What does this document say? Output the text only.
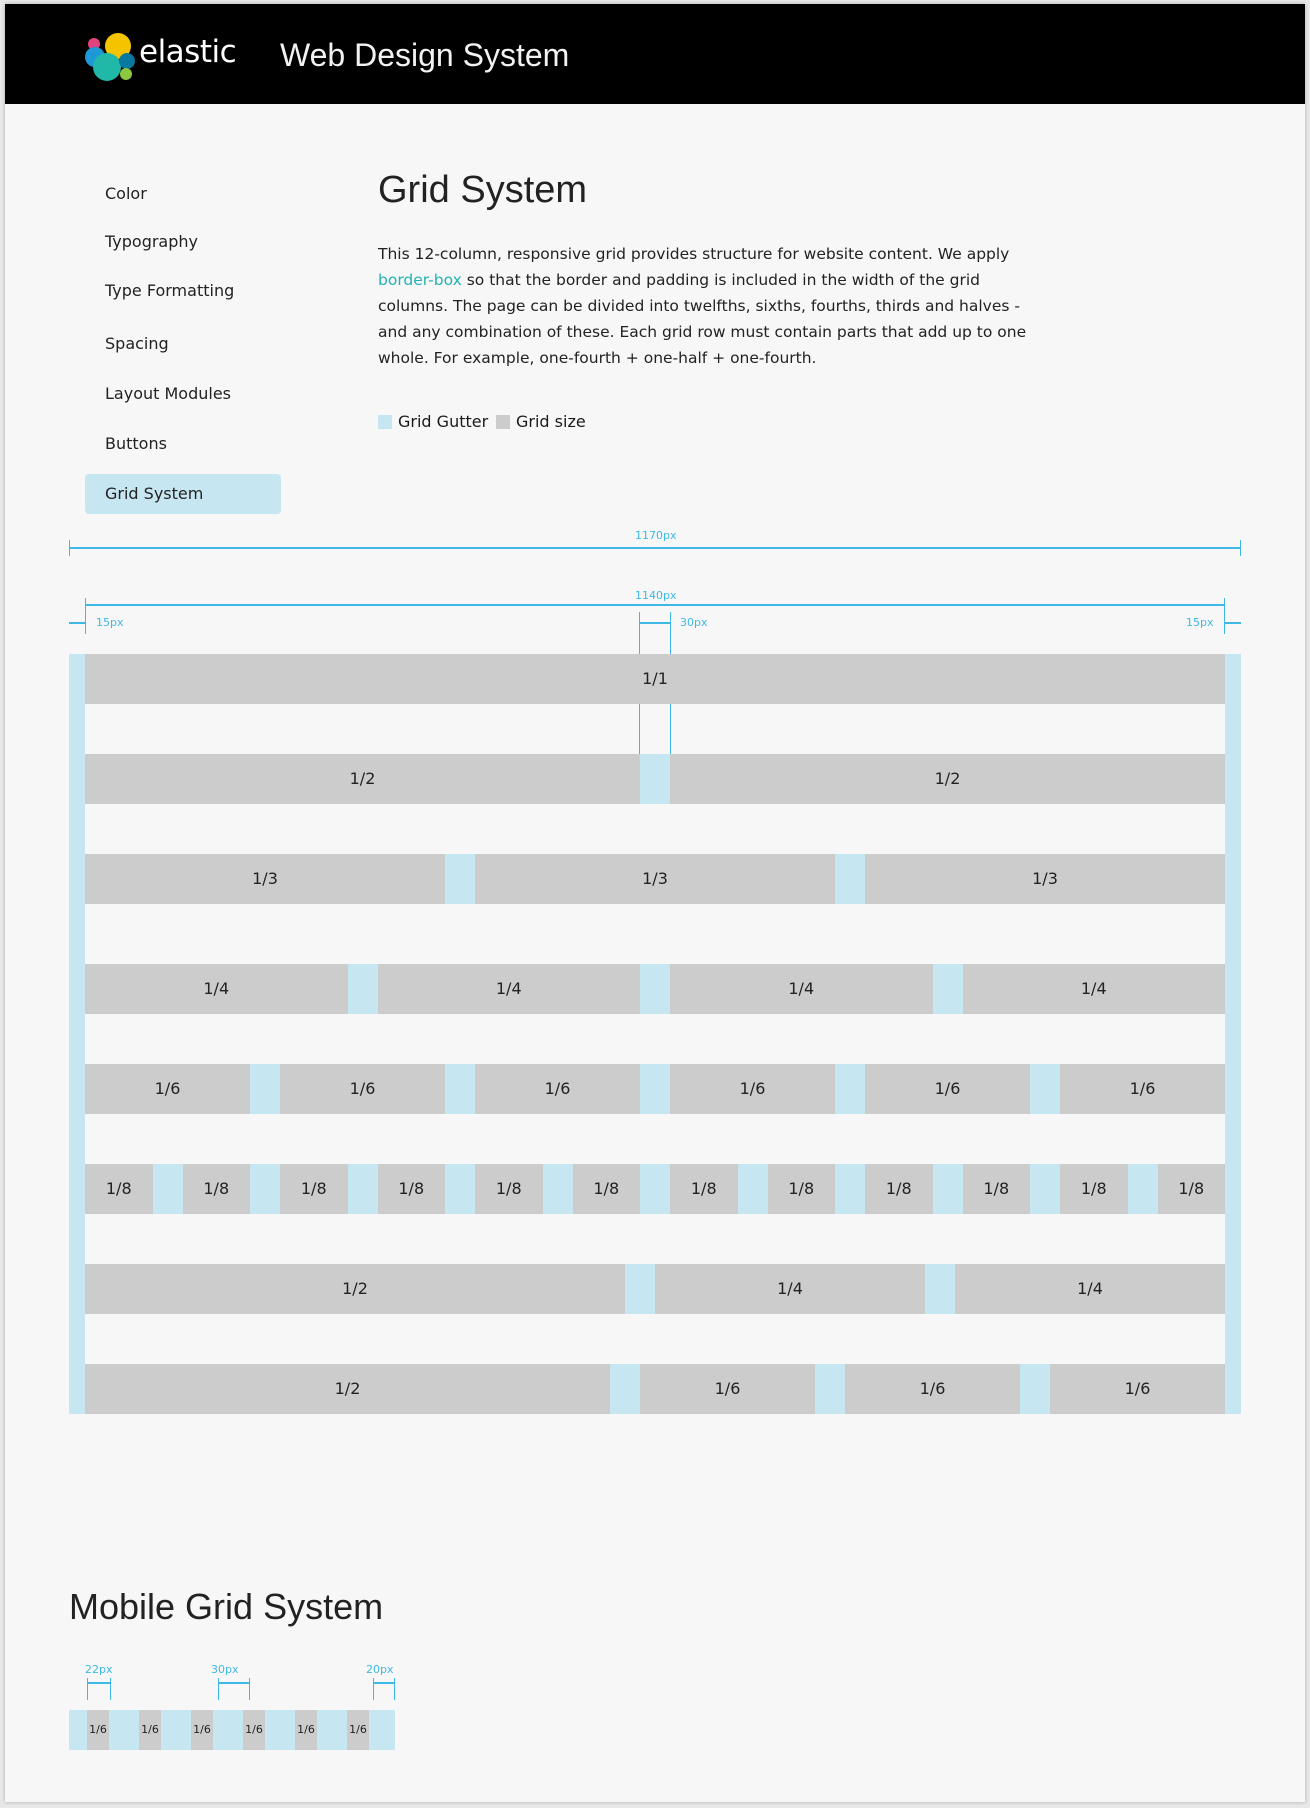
elastic Web Design System
Color
Typography
Type Formatting
Spacing
Layout Modules
Buttons
Grid System
Grid System

This 12-column, responsive grid provides structure for website content. We apply border-box so that the border and padding is included in the width of the grid columns. The page can be divided into twelfths, sixths, fourths, thirds and halves - and any combination of these. Each grid row must contain parts that add up to one whole. For example, one-fourth + one-half + one-fourth.

Grid Gutter	Grid size
1170px
1140px
15px	15px
30px
1/1
1/2	1/2
1/3	1/3	1/3
1/4	1/4	1/4	1/4
1/6	1/6	1/6	1/6	1/6	1/6
1/8	1/8	1/8	1/8	1/8	1/8	1/8	1/8	1/8	1/8	1/8	1/8
1/2	1/4	1/4
1/2	1/6	1/6	1/6
Mobile Grid System
22px	30px	20px
1/6	1/6	1/6	1/6	1/6	1/6
